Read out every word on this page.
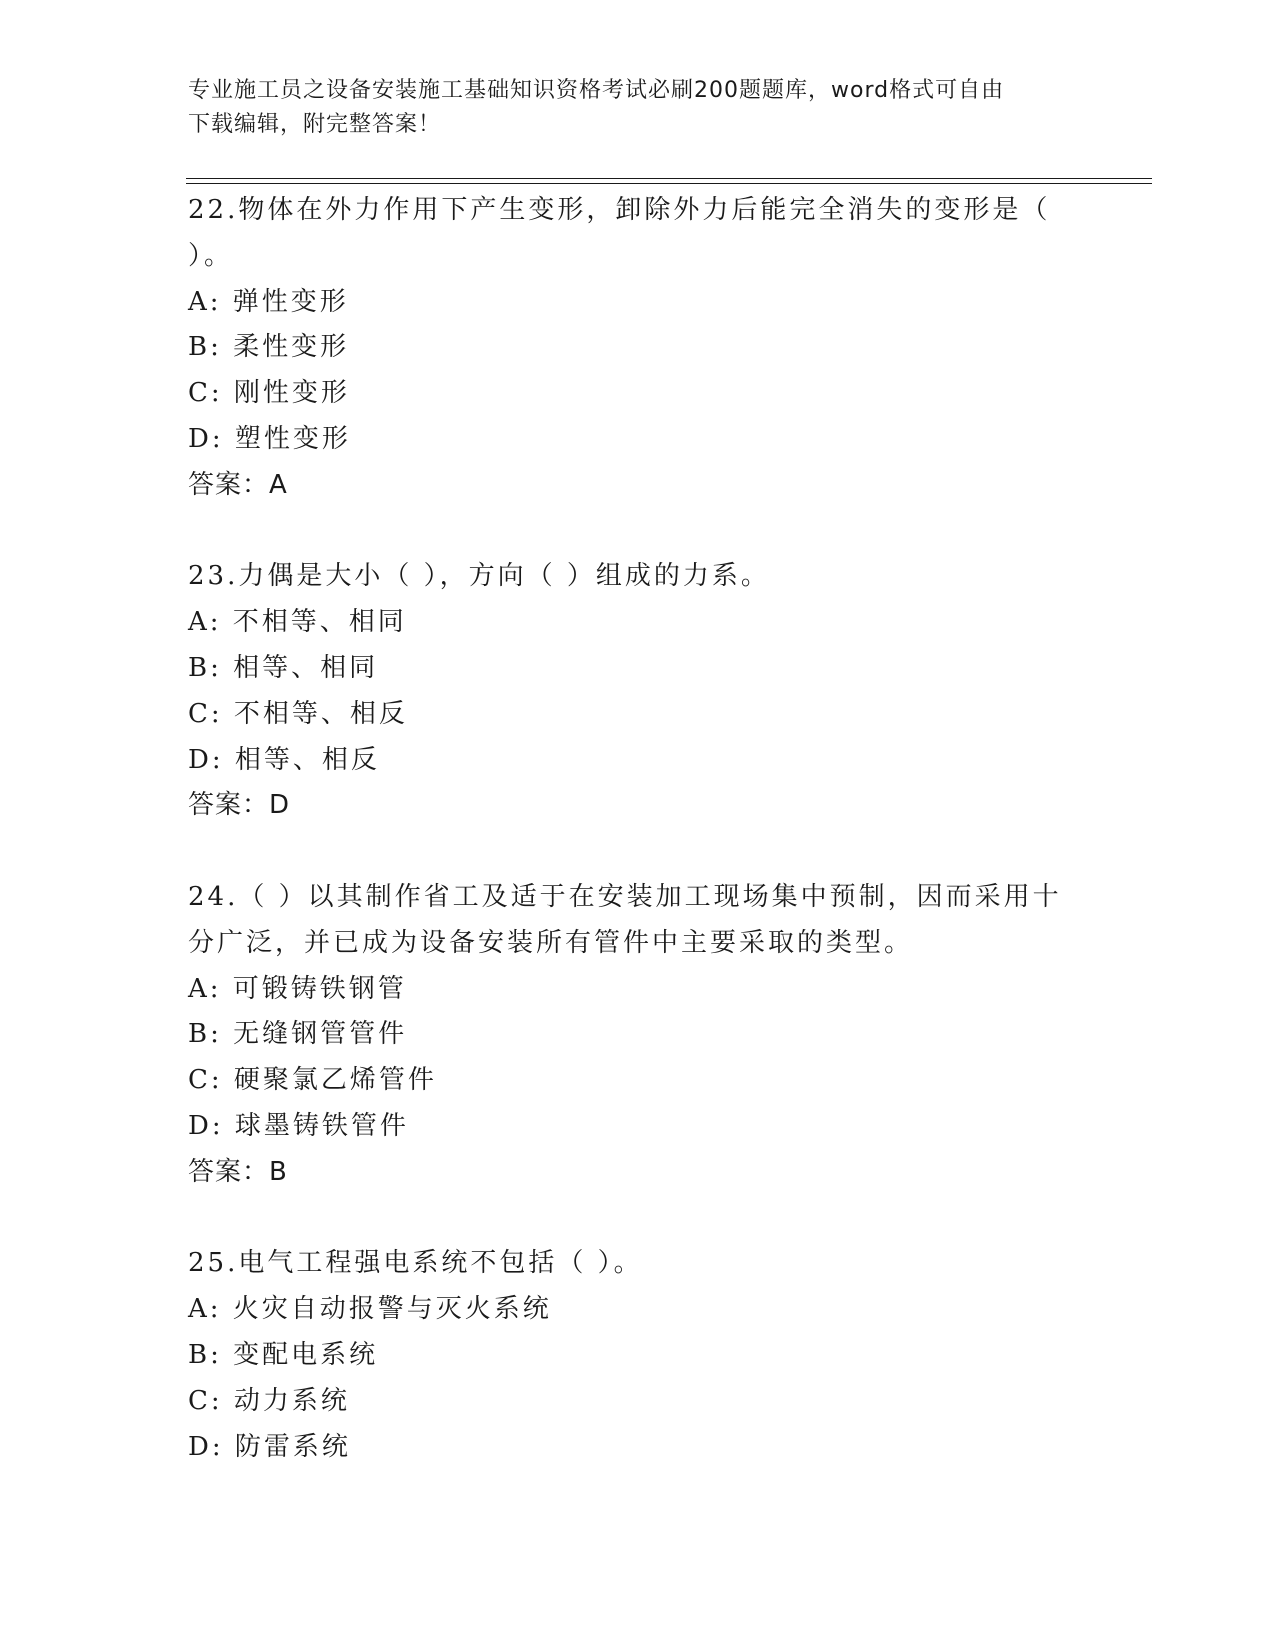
专业施工员之设备安装施工基础知识资格考试必刷200题题库，word格式可自由
下载编辑，附完整答案！
22.物体在外力作用下产生变形，卸除外力后能完全消失的变形是（
）。
A: 弹性变形
B: 柔性变形
C: 刚性变形
D: 塑性变形
答案：A
23.力偶是大小（ ），方向（ ）组成的力系。
A: 不相等、相同
B: 相等、相同
C: 不相等、相反
D: 相等、相反
答案：D
24.（ ）以其制作省工及适于在安装加工现场集中预制，因而采用十
分广泛，并已成为设备安装所有管件中主要采取的类型。
A: 可锻铸铁钢管
B: 无缝钢管管件
C: 硬聚氯乙烯管件
D: 球墨铸铁管件
答案：B
25.电气工程强电系统不包括（ ）。
A: 火灾自动报警与灭火系统
B: 变配电系统
C: 动力系统
D: 防雷系统
